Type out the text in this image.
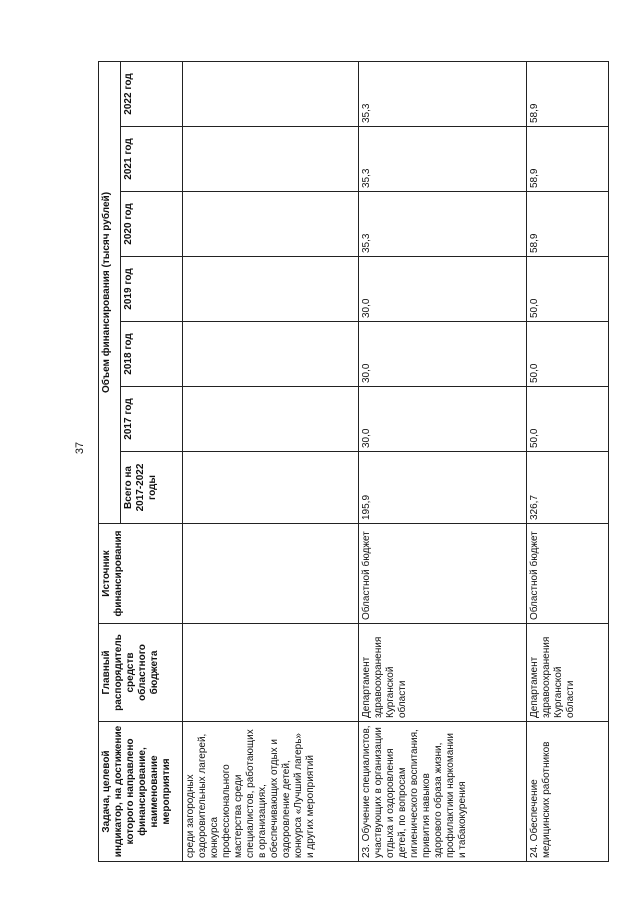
37
Задача, целевой индикатор, на достижение которого направлено финансирование, наименование мероприятия	Главный распорядитель средств областного бюджета	Источник финансирования	Объем финансирования (тысяч рублей)						
			Всего на 2017-2022 годы	2017 год	2018 год	2019 год	2020 год	2021 год	2022 год
среди загородных оздоровительных лагерей, конкурса профессионального мастерства среди специалистов, работающих в организациях, обеспечивающих отдых и оздоровление детей, конкурса «Лучший лагерь» и других мероприятий									
23. Обучение специалистов, участвующих в организации отдыха и оздоровления детей, по вопросам гигиенического воспитания, привития навыков здорового образа жизни, профилактики наркомании и табакокурения	Департамент здравоохранения Курганской области	Областной бюджет	195,9	30,0	30,0	30,0	35,3	35,3	35,3
24. Обеспечение медицинских работников	Департамент здравоохранения Курганской области	Областной бюджет	326,7	50,0	50,0	50,0	58,9	58,9	58,9
